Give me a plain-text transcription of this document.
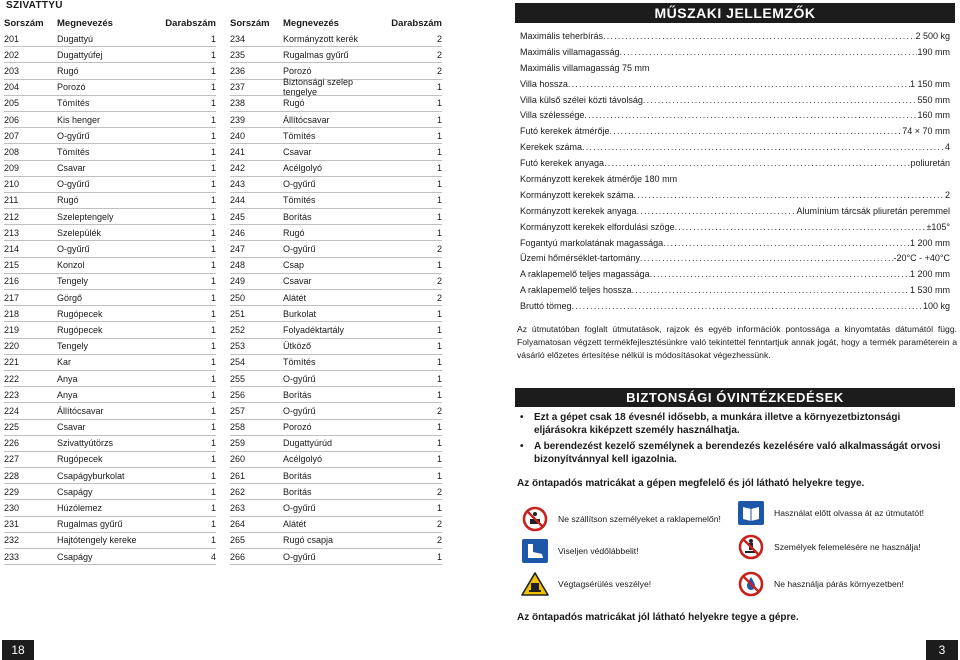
SZIVATTYÚ
Sorszám	Megnevezés	Darabszám
201	Dugattyú	1
202	Dugattyúfej	1
203	Rugó	1
204	Porozó	1
205	Tömítés	1
206	Kis henger	1
207	O-gyűrű	1
208	Tömítés	1
209	Csavar	1
210	O-gyűrű	1
211	Rugó	1
212	Szeleptengely	1
213	Szelepülék	1
214	O-gyűrű	1
215	Konzol	1
216	Tengely	1
217	Görgő	1
218	Rugópecek	1
219	Rugópecek	1
220	Tengely	1
221	Kar	1
222	Anya	1
223	Anya	1
224	Állítócsavar	1
225	Csavar	1
226	Szivattyútörzs	1
227	Rugópecek	1
228	Csapágyburkolat	1
229	Csapágy	1
230	Húzólemez	1
231	Rugalmas gyűrű	1
232	Hajtótengely kereke	1
233	Csapágy	4
Sorszám	Megnevezés	Darabszám
234	Kormányzott kerék	2
235	Rugalmas gyűrű	2
236	Porozó	2
237	Biztonsági szelep tengelye	1
238	Rugó	1
239	Állítócsavar	1
240	Tömítés	1
241	Csavar	1
242	Acélgolyó	1
243	O-gyűrű	1
244	Tömítés	1
245	Borítás	1
246	Rugó	1
247	O-gyűrű	2
248	Csap	1
249	Csavar	2
250	Alátét	2
251	Burkolat	1
252	Folyadéktartály	1
253	Ütköző	1
254	Tömítés	1
255	O-gyűrű	1
256	Borítás	1
257	O-gyűrű	2
258	Porozó	1
259	Dugattyúrúd	1
260	Acélgolyó	1
261	Borítás	1
262	Borítás	2
263	O-gyűrű	1
264	Alátét	2
265	Rugó csapja	2
266	O-gyűrű	1
MŰSZAKI JELLEMZŐK
Maximális teherbírás .....	2 500 kg
Maximális villamagasság .....	190 mm
Maximális villamagasság 75 mm
Villa hossza .....	1 150 mm
Villa külső szélei közti távolság .....	550 mm
Villa szélessége .....	160 mm
Futó kerekek átmérője .....	74 × 70 mm
Kerekek száma .....	4
Futó kerekek anyaga .....	poliuretán
Kormányzott kerekek átmérője 180 mm
Kormányzott kerekek száma .....	2
Kormányzott kerekek anyaga .....	Alumínium tárcsák pliuretán peremmel
Kormányzott kerekek elfordulási szöge .....	±105°
Fogantyú markolatának magassága .....	1 200 mm
Üzemi hőmérséklet-tartomány .....	-20°C - +40°C
A raklapemelő teljes magassága .....	1 200 mm
A raklapemelő teljes hossza .....	1 530 mm
Bruttó tömeg .....	100 kg
Az útmutatóban foglalt útmutatások, rajzok és egyéb információk pontossága a kinyomtatás dátumától függ. Folyamatosan végzett termékfejlesztésünkre való tekintettel fenntartjuk annak jogát, hogy a termék paraméterein a vásárló előzetes értesítése nélkül is módosításokat végezhessünk.
BIZTONSÁGI ÓVINTÉZKEDÉSEK
• Ezt a gépet csak 18 évesnél idősebb, a munkára illetve a környezetbiztonsági eljárásokra kiképzett személy használhatja.
• A berendezést kezelő személynek a berendezés kezelésére való alkalmasságát orvosi bizonyítvánnyal kell igazolnia.
Az öntapadós matricákat a gépen megfelelő és jól látható helyekre tegye.
Ne szállítson személyeket a raklapemelőn!
Használat előtt olvassa át az útmutatót!
Viseljen védőlábbelit!	Személyek felemelésére ne használja!
Végtagsérülés veszélye!	Ne használja párás környezetben!
Az öntapadós matricákat jól látható helyekre tegye a gépre.
18	3
